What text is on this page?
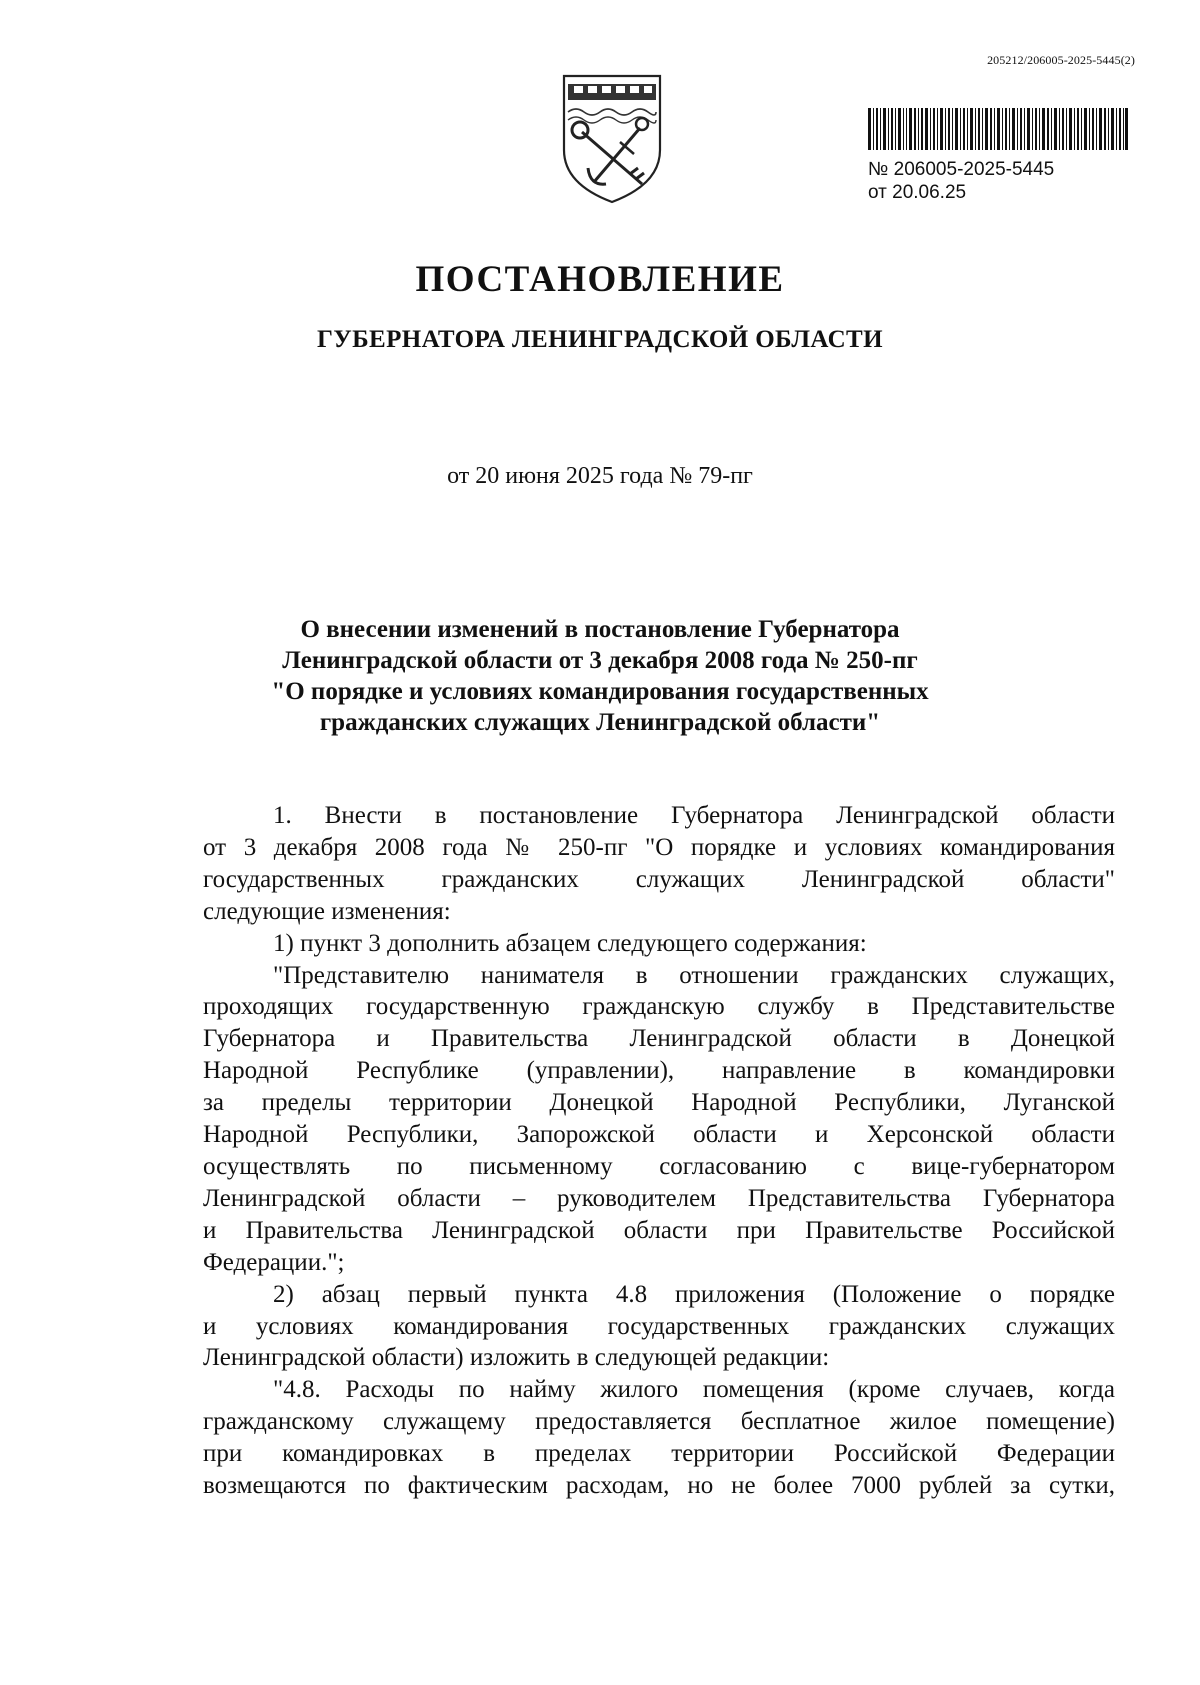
205212/206005-2025-5445(2)
№ 206005-2025-5445
от 20.06.25
ПОСТАНОВЛЕНИЕ
ГУБЕРНАТОРА ЛЕНИНГРАДСКОЙ ОБЛАСТИ
от 20 июня 2025 года № 79-пг
О внесении изменений в постановление Губернатора
Ленинградской области от 3 декабря 2008 года № 250-пг
"О порядке и условиях командирования государственных
гражданских служащих Ленинградской области"

1. Внести в постановление Губернатора Ленинградской области

от 3 декабря 2008 года № 250-пг "О порядке и условиях командирования

государственных гражданских служащих Ленинградской области"

следующие изменения:

1) пункт 3 дополнить абзацем следующего содержания:

"Представителю нанимателя в отношении гражданских служащих,

проходящих государственную гражданскую службу в Представительстве

Губернатора и Правительства Ленинградской области в Донецкой

Народной Республике (управлении), направление в командировки

за пределы территории Донецкой Народной Республики, Луганской

Народной Республики, Запорожской области и Херсонской области

осуществлять по письменному согласованию с вице-губернатором

Ленинградской области – руководителем Представительства Губернатора

и Правительства Ленинградской области при Правительстве Российской

Федерации.";

2) абзац первый пункта 4.8 приложения (Положение о порядке

и условиях командирования государственных гражданских служащих

Ленинградской области) изложить в следующей редакции:

"4.8. Расходы по найму жилого помещения (кроме случаев, когда

гражданскому служащему предоставляется бесплатное жилое помещение)

при командировках в пределах территории Российской Федерации

возмещаются по фактическим расходам, но не более 7000 рублей за сутки,
